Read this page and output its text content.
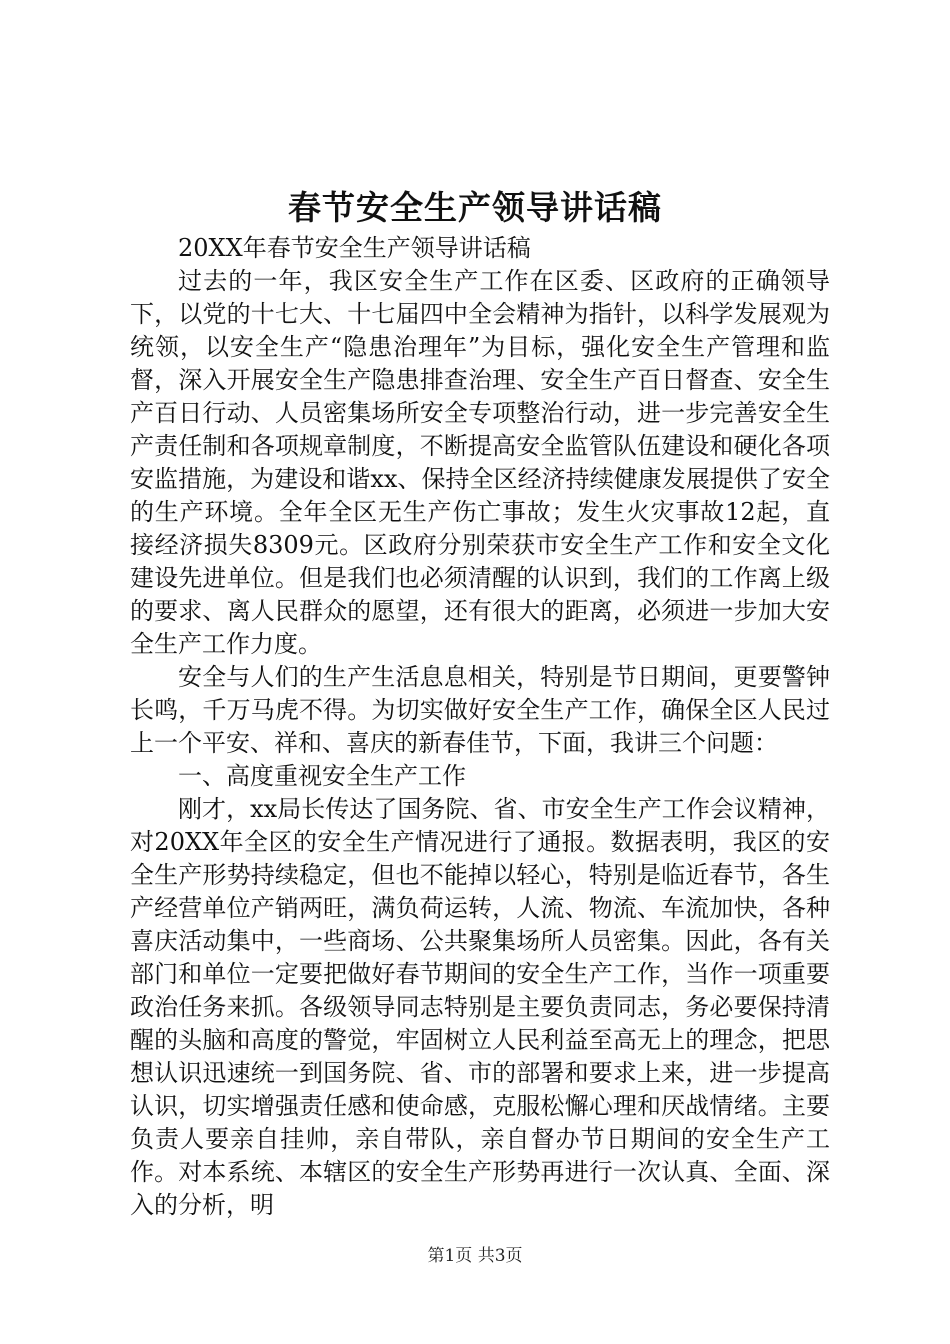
春节安全生产领导讲话稿

20XX年春节安全生产领导讲话稿

过去的一年，我区安全生产工作在区委、区政府的正确领导下，以党的十七大、十七届四中全会精神为指针，以科学发展观为统领，以安全生产“隐患治理年”为目标，强化安全生产管理和监督，深入开展安全生产隐患排查治理、安全生产百日督查、安全生产百日行动、人员密集场所安全专项整治行动，进一步完善安全生产责任制和各项规章制度，不断提高安全监管队伍建设和硬化各项安监措施，为建设和谐xx、保持全区经济持续健康发展提供了安全的生产环境。全年全区无生产伤亡事故；发生火灾事故12起，直接经济损失8309元。区政府分别荣获市安全生产工作和安全文化建设先进单位。但是我们也必须清醒的认识到，我们的工作离上级的要求、离人民群众的愿望，还有很大的距离，必须进一步加大安全生产工作力度。

安全与人们的生产生活息息相关，特别是节日期间，更要警钟长鸣，千万马虎不得。为切实做好安全生产工作，确保全区人民过上一个平安、祥和、喜庆的新春佳节，下面，我讲三个问题：

一、高度重视安全生产工作

刚才，xx局长传达了国务院、省、市安全生产工作会议精神，对20XX年全区的安全生产情况进行了通报。数据表明，我区的安全生产形势持续稳定，但也不能掉以轻心，特别是临近春节，各生产经营单位产销两旺，满负荷运转，人流、物流、车流加快，各种喜庆活动集中，一些商场、公共聚集场所人员密集。因此，各有关部门和单位一定要把做好春节期间的安全生产工作，当作一项重要政治任务来抓。各级领导同志特别是主要负责同志，务必要保持清醒的头脑和高度的警觉，牢固树立人民利益至高无上的理念，把思想认识迅速统一到国务院、省、市的部署和要求上来，进一步提高认识，切实增强责任感和使命感，克服松懈心理和厌战情绪。主要负责人要亲自挂帅，亲自带队，亲自督办节日期间的安全生产工作。对本系统、本辖区的安全生产形势再进行一次认真、全面、深入的分析，明

第1页 共3页
